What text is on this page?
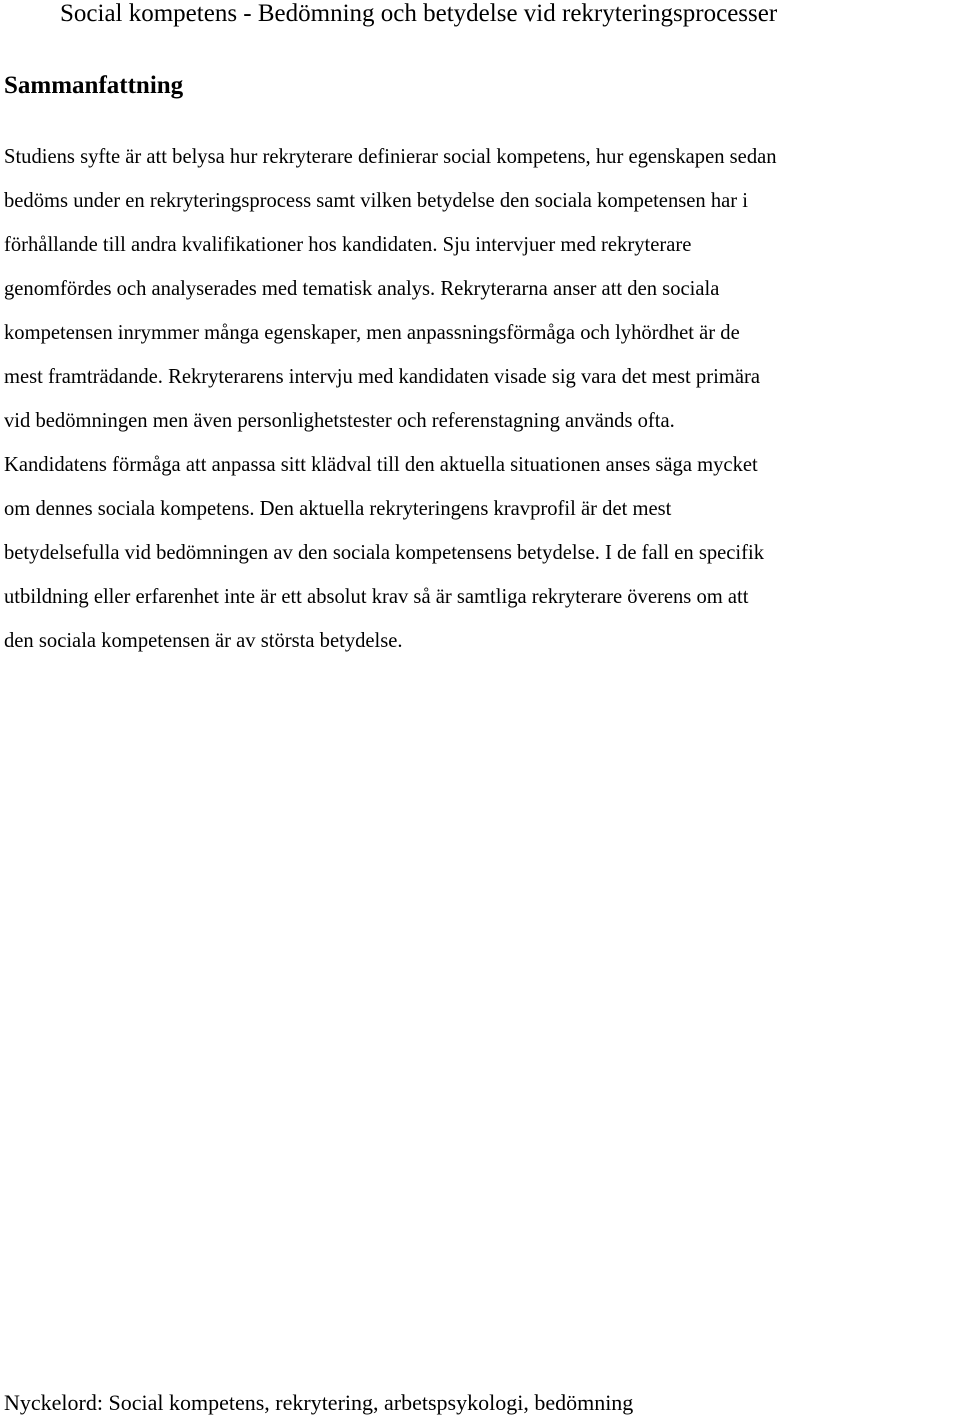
Social kompetens - Bedömning och betydelse vid rekryteringsprocesser
Sammanfattning

Studiens syfte är att belysa hur rekryterare definierar social kompetens, hur egenskapen sedan
bedöms under en rekryteringsprocess samt vilken betydelse den sociala kompetensen har i
förhållande till andra kvalifikationer hos kandidaten. Sju intervjuer med rekryterare
genomfördes och analyserades med tematisk analys. Rekryterarna anser att den sociala
kompetensen inrymmer många egenskaper, men anpassningsförmåga och lyhördhet är de
mest framträdande. Rekryterarens intervju med kandidaten visade sig vara det mest primära
vid bedömningen men även personlighetstester och referenstagning används ofta.
Kandidatens förmåga att anpassa sitt klädval till den aktuella situationen anses säga mycket
om dennes sociala kompetens. Den aktuella rekryteringens kravprofil är det mest
betydelsefulla vid bedömningen av den sociala kompetensens betydelse. I de fall en specifik
utbildning eller erfarenhet inte är ett absolut krav så är samtliga rekryterare överens om att
den sociala kompetensen är av största betydelse.

Nyckelord: Social kompetens, rekrytering, arbetspsykologi, bedömning
